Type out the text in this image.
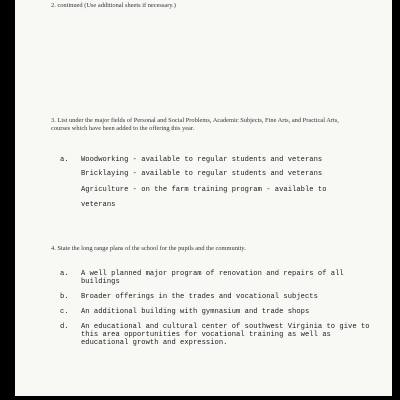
2. continued (Use additional sheets if necessary.)

3. List under the major fields of Personal and Social Problems, Academic Subjects, Fine Arts, and Practical Arts, courses which have been added to the offering this year.

a. Woodworking - available to regular students and veterans

Bricklaying - available to regular students and veterans

Agriculture - on the farm training program - available to

veterans

4. State the long range plans of the school for the pupils and the community.

a. A well planned major program of renovation and repairs of all buildings

b. Broader offerings in the trades and vocational subjects

c. An additional building with gymnasium and trade shops

d. An educational and cultural center of southwest Virginia to give to this area opportunities for vocational training as well as educational growth and expression.
